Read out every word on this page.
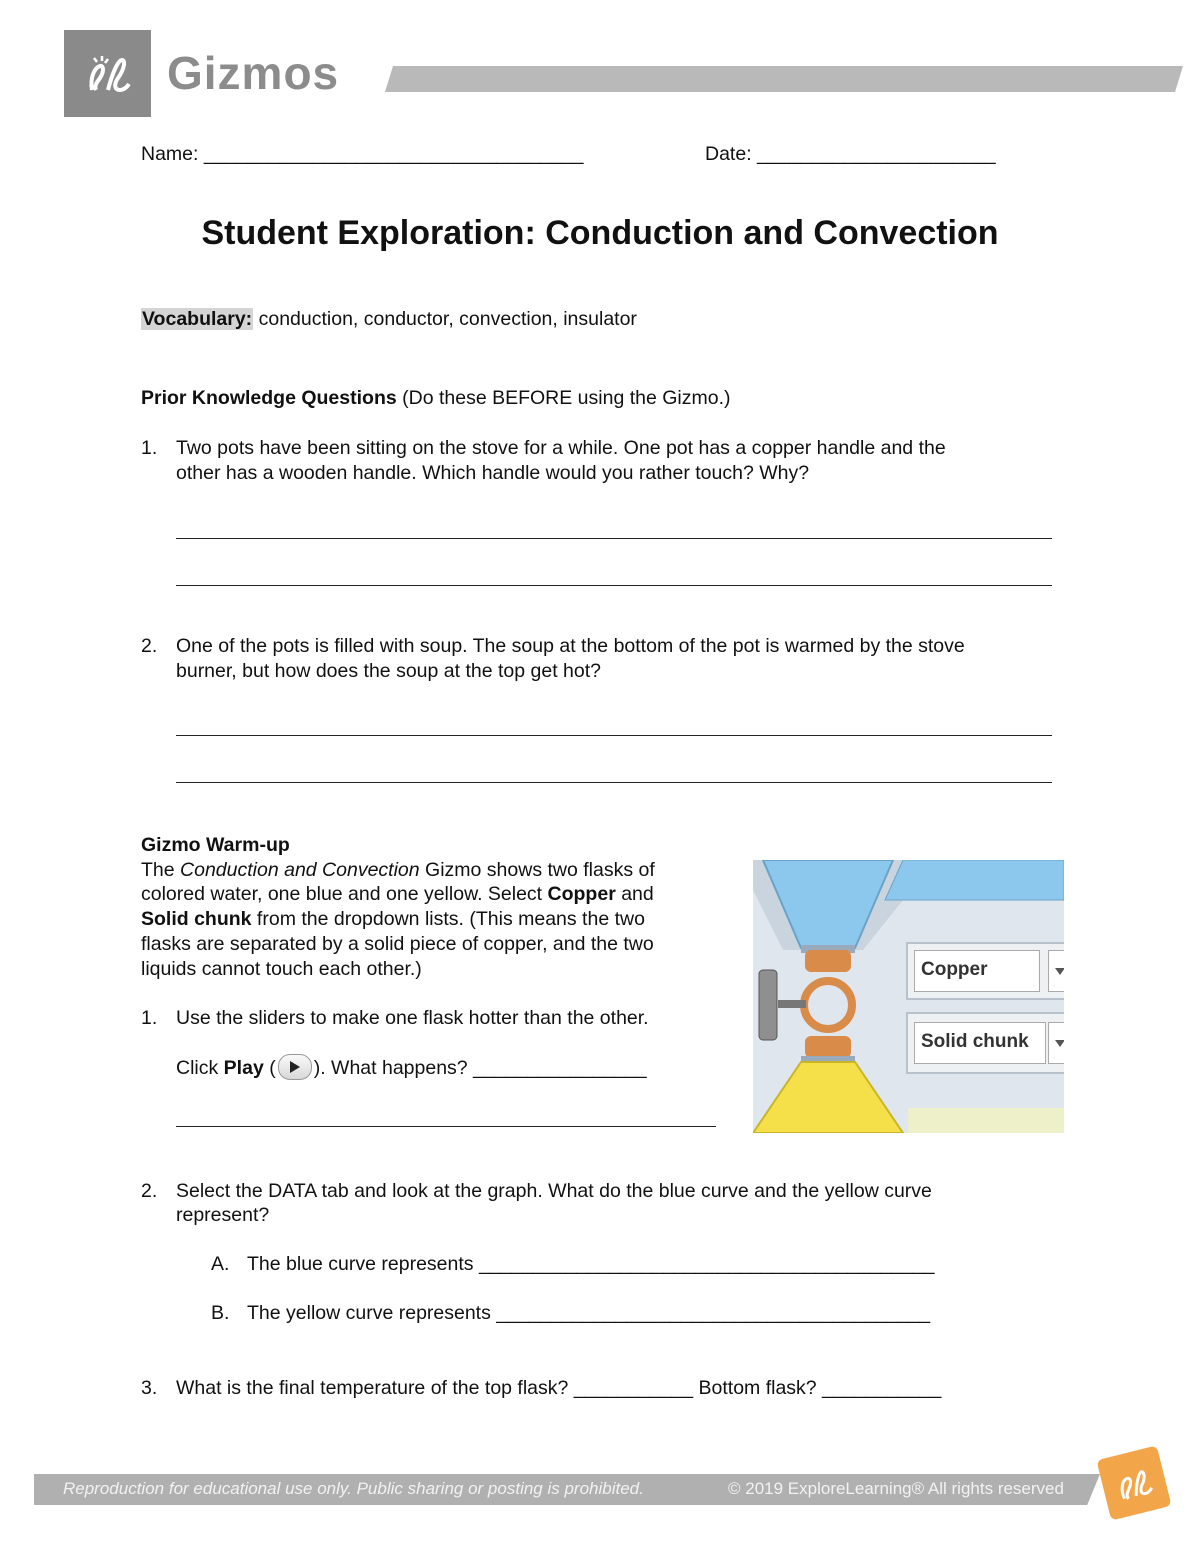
Gizmos
Name: ___________________________________	Date: ______________________
Student Exploration: Conduction and Convection
Vocabulary: conduction, conductor, convection, insulator
Prior Knowledge Questions (Do these BEFORE using the Gizmo.)
1. Two pots have been sitting on the stove for a while. One pot has a copper handle and the
other has a wooden handle. Which handle would you rather touch? Why?
2. One of the pots is filled with soup. The soup at the bottom of the pot is warmed by the stove
burner, but how does the soup at the top get hot?
Gizmo Warm-up
The Conduction and Convection Gizmo shows two flasks of
colored water, one blue and one yellow. Select Copper and
Solid chunk from the dropdown lists. (This means the two
flasks are separated by a solid piece of copper, and the two
liquids cannot touch each other.)
1. Use the sliders to make one flask hotter than the other.
Click Play ( ). What happens? ________________
Copper
Solid chunk
2. Select the DATA tab and look at the graph. What do the blue curve and the yellow curve
represent?
A. The blue curve represents __________________________________________
B. The yellow curve represents ________________________________________
3. What is the final temperature of the top flask? ___________ Bottom flask? ___________
Reproduction for educational use only. Public sharing or posting is prohibited.	© 2019 ExploreLearning® All rights reserved
